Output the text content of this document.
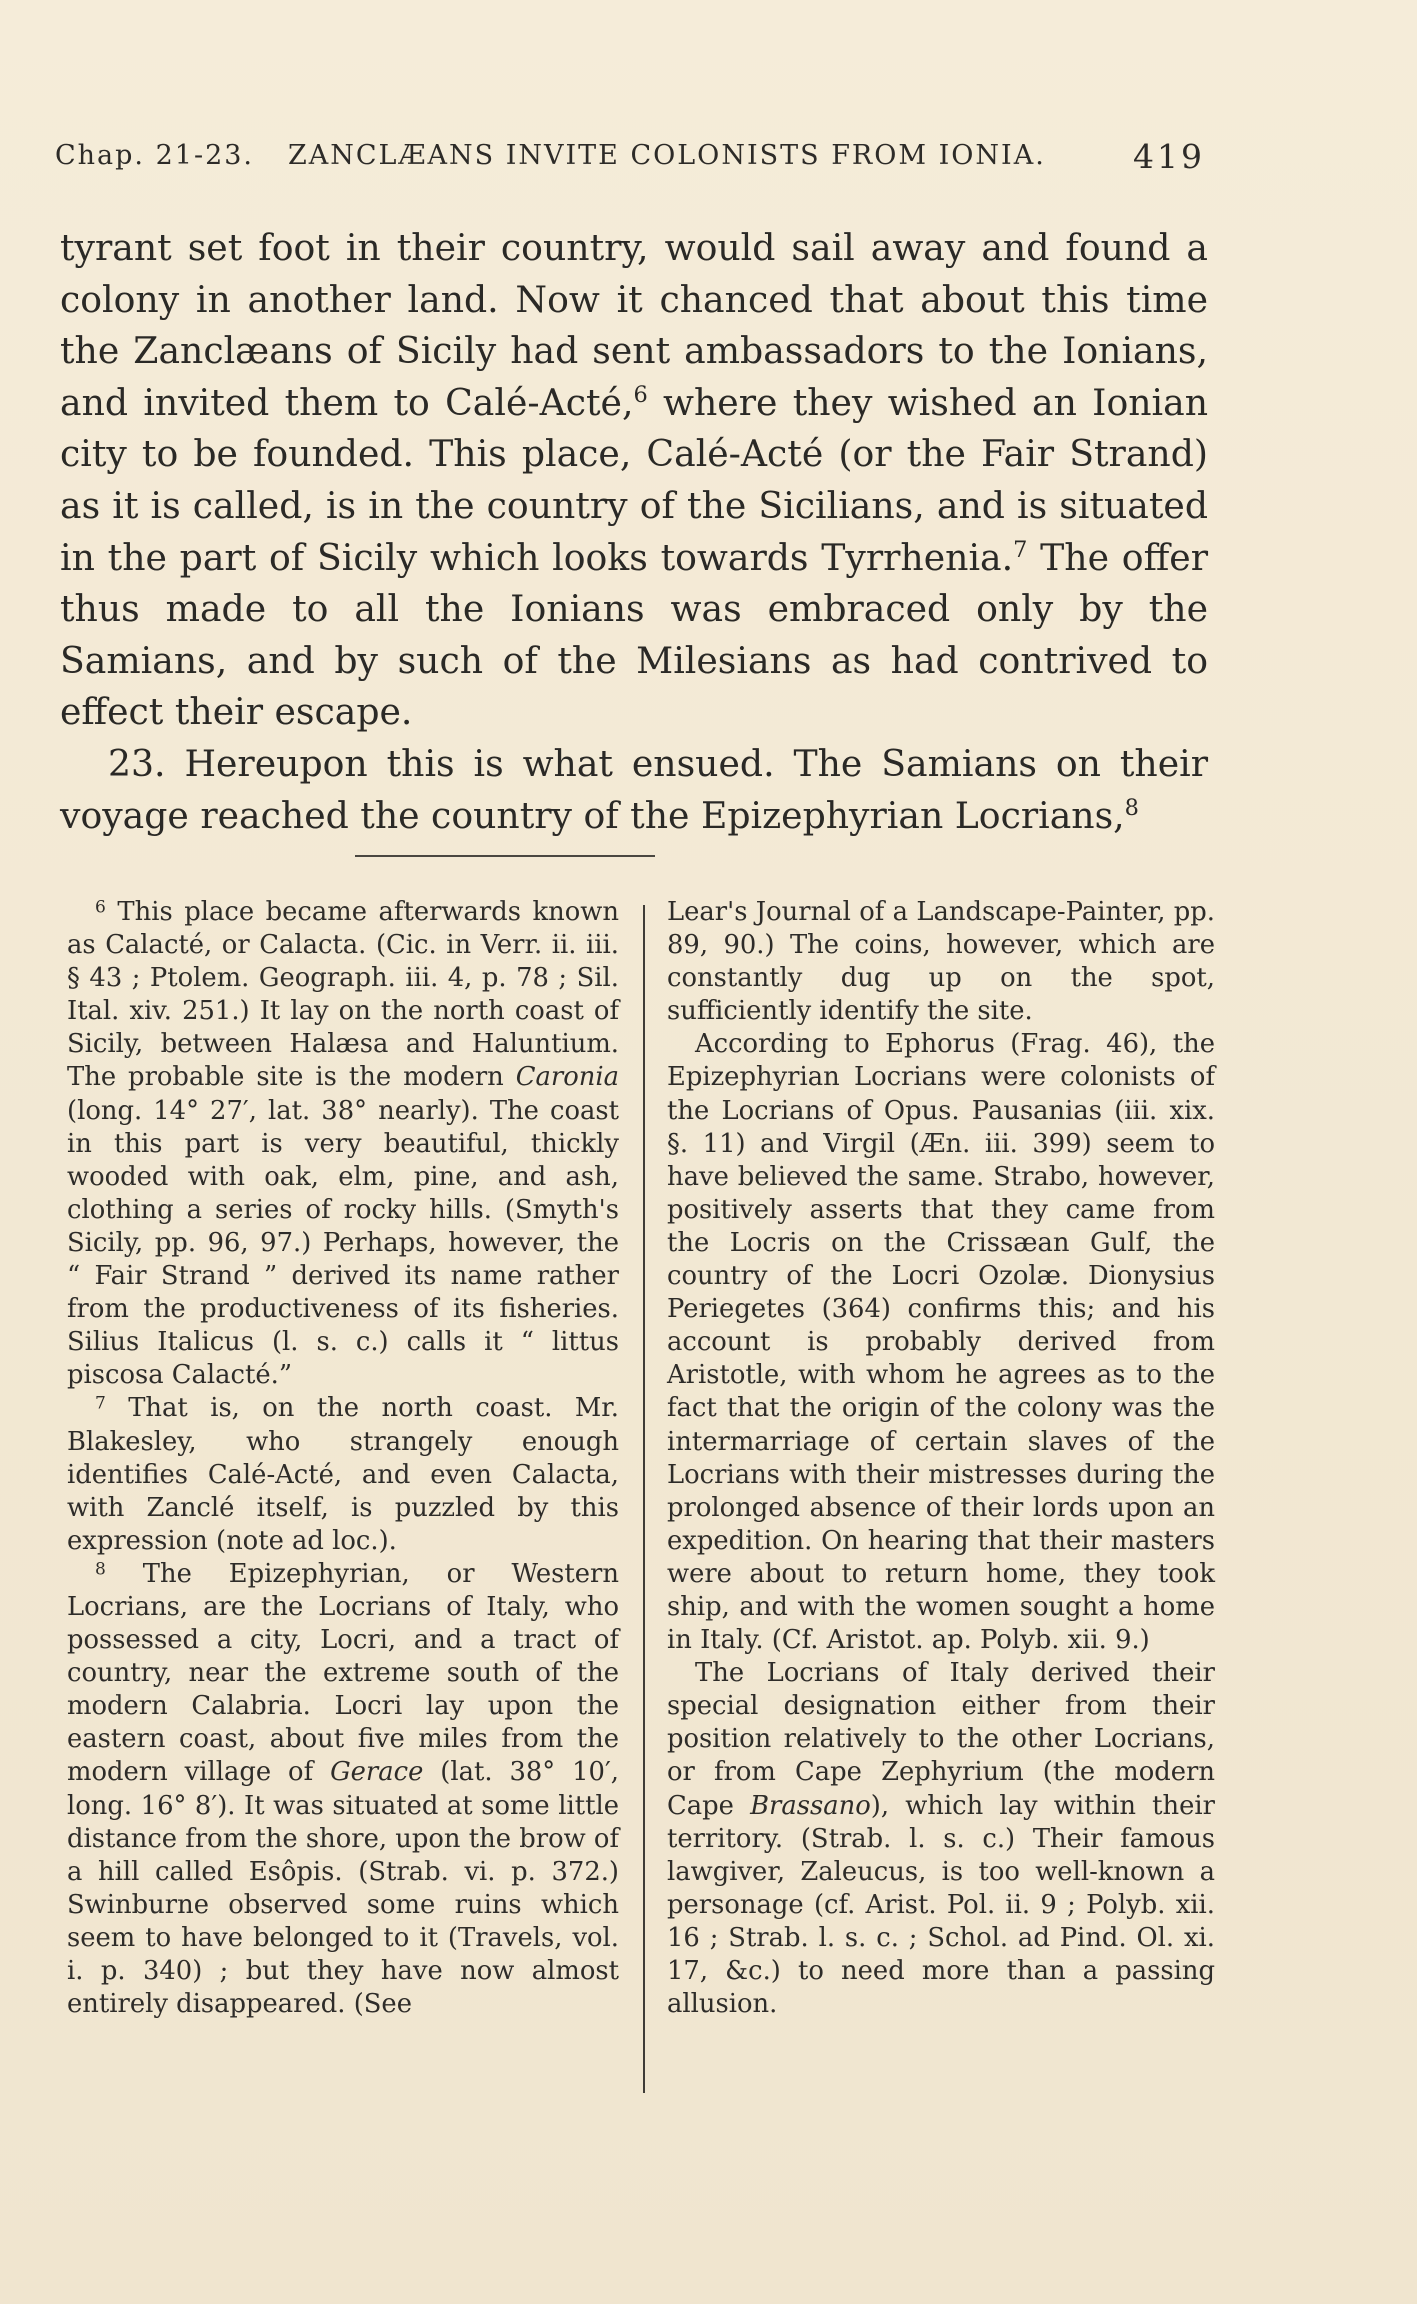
Chap. 21-23. ZANCLÆANS INVITE COLONISTS FROM IONIA.	419

tyrant set foot in their country, would sail away and found a colony in another land. Now it chanced that about this time the Zanclæans of Sicily had sent ambassadors to the Ionians, and invited them to Calé-Acté,$^6$ where they wished an Ionian city to be founded. This place, Calé-Acté (or the Fair Strand) as it is called, is in the country of the Sicilians, and is situated in the part of Sicily which looks towards Tyrrhenia.$^7$ The offer thus made to all the Ionians was embraced only by the Samians, and by such of the Milesians as had contrived to effect their escape.

23. Hereupon this is what ensued. The Samians on their voyage reached the country of the Epizephyrian Locrians,$^8$

$^6$ This place became afterwards known as Calacté, or Calacta. (Cic. in Verr. ii. iii. § 43 ; Ptolem. Geograph. iii. 4, p. 78 ; Sil. Ital. xiv. 251.) It lay on the north coast of Sicily, between Halæsa and Haluntium. The probable site is the modern Caronia (long. 14° 27′, lat. 38° nearly). The coast in this part is very beautiful, thickly wooded with oak, elm, pine, and ash, clothing a series of rocky hills. (Smyth's Sicily, pp. 96, 97.) Perhaps, however, the “ Fair Strand ” derived its name rather from the productiveness of its fisheries. Silius Italicus (l. s. c.) calls it “ littus piscosa Calacté.”

$^7$ That is, on the north coast. Mr. Blakesley, who strangely enough identifies Calé-Acté, and even Calacta, with Zanclé itself, is puzzled by this expression (note ad loc.).

$^8$ The Epizephyrian, or Western Locrians, are the Locrians of Italy, who possessed a city, Locri, and a tract of country, near the extreme south of the modern Calabria. Locri lay upon the eastern coast, about five miles from the modern village of Gerace (lat. 38° 10′, long. 16° 8′). It was situated at some little distance from the shore, upon the brow of a hill called Esôpis. (Strab. vi. p. 372.) Swinburne observed some ruins which seem to have belonged to it (Travels, vol. i. p. 340) ; but they have now almost entirely disappeared. (See

Lear's Journal of a Landscape-Painter, pp. 89, 90.) The coins, however, which are constantly dug up on the spot, sufficiently identify the site.

According to Ephorus (Frag. 46), the Epizephyrian Locrians were colonists of the Locrians of Opus. Pausanias (iii. xix. §. 11) and Virgil (Æn. iii. 399) seem to have believed the same. Strabo, however, positively asserts that they came from the Locris on the Crissæan Gulf, the country of the Locri Ozolæ. Dionysius Periegetes (364) confirms this; and his account is probably derived from Aristotle, with whom he agrees as to the fact that the origin of the colony was the intermarriage of certain slaves of the Locrians with their mistresses during the prolonged absence of their lords upon an expedition. On hearing that their masters were about to return home, they took ship, and with the women sought a home in Italy. (Cf. Aristot. ap. Polyb. xii. 9.)

The Locrians of Italy derived their special designation either from their position relatively to the other Locrians, or from Cape Zephyrium (the modern Cape Brassano), which lay within their territory. (Strab. l. s. c.) Their famous lawgiver, Zaleucus, is too well-known a personage (cf. Arist. Pol. ii. 9 ; Polyb. xii. 16 ; Strab. l. s. c. ; Schol. ad Pind. Ol. xi. 17, &c.) to need more than a passing allusion.
